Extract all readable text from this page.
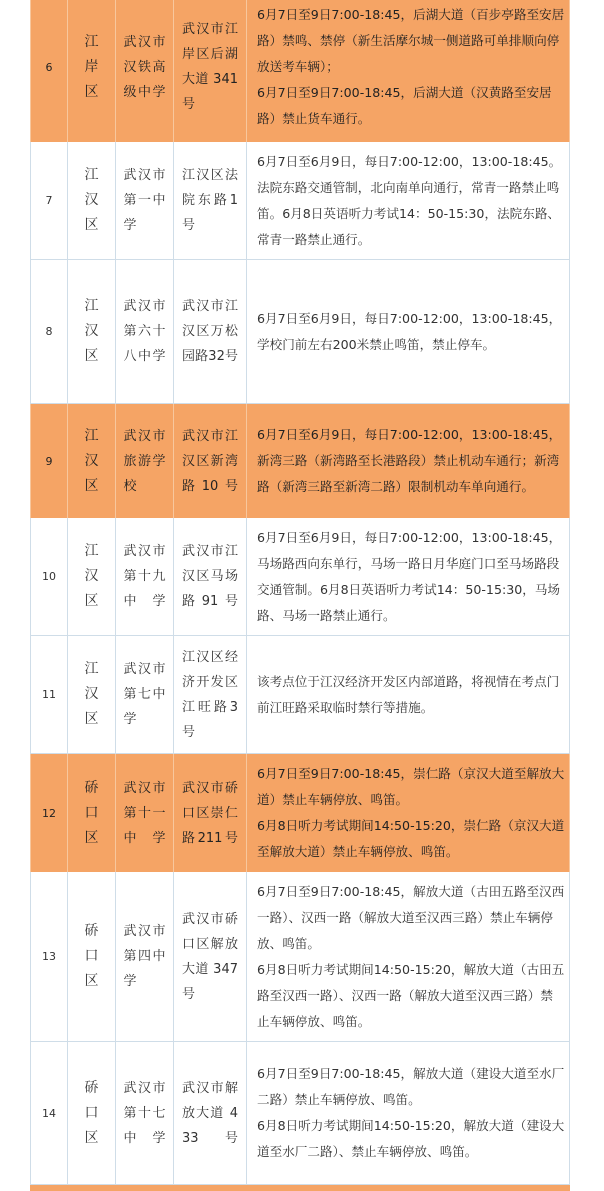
6
江岸区
武汉市汉铁高级中学
武汉市江岸区后湖大道 341号
6月7日至9日7:00-18:45，后湖大道（百步亭路至安居路）禁鸣、禁停（新生活摩尔城一侧道路可单排顺向停放送考车辆）；
6月7日至9日7:00-18:45，后湖大道（汉黄路至安居路）禁止货车通行。
7
江汉区
武汉市第一中学
江汉区法院东路1号
6月7日至6月9日，每日7:00-12:00，13:00-18:45。法院东路交通管制，北向南单向通行，常青一路禁止鸣笛。6月8日英语听力考试14：50-15:30，法院东路、常青一路禁止通行。
8
江汉区
武汉市第六十八中学
武汉市江汉区万松园路32号
6月7日至6月9日，每日7:00-12:00，13:00-18:45，学校门前左右200米禁止鸣笛，禁止停车。
9
江汉区
武汉市旅游学校
武汉市江汉区新湾路10号
6月7日至6月9日，每日7:00-12:00，13:00-18:45，新湾三路（新湾路至长港路段）禁止机动车通行；新湾路（新湾三路至新湾二路）限制机动车单向通行。
10
江汉区
武汉市第十九中学
武汉市江汉区马场路91号
6月7日至6月9日，每日7:00-12:00，13:00-18:45，马场路西向东单行，马场一路日月华庭门口至马场路段交通管制。6月8日英语听力考试14：50-15:30，马场路、马场一路禁止通行。
11
江汉区
武汉市第七中学
江汉区经济开发区江旺路3号
该考点位于江汉经济开发区内部道路，将视情在考点门前江旺路采取临时禁行等措施。
12
硚口区
武汉市第十一中学
武汉市硚口区崇仁路211号
6月7日至9日7:00-18:45，崇仁路（京汉大道至解放大道）禁止车辆停放、鸣笛。
6月8日听力考试期间14:50-15:20，崇仁路（京汉大道至解放大道）禁止车辆停放、鸣笛。
13
硚口区
武汉市第四中学
武汉市硚口区解放大道 347号
6月7日至9日7:00-18:45，解放大道（古田五路至汉西一路）、汉西一路（解放大道至汉西三路）禁止车辆停放、鸣笛。
6月8日听力考试期间14:50-15:20，解放大道（古田五路至汉西一路）、汉西一路（解放大道至汉西三路）禁止车辆停放、鸣笛。
14
硚口区
武汉市第十七中学
武汉市解放大道 433号
6月7日至9日7:00-18:45，解放大道（建设大道至水厂二路）禁止车辆停放、鸣笛。
6月8日听力考试期间14:50-15:20，解放大道（建设大道至水厂二路）、禁止车辆停放、鸣笛。
